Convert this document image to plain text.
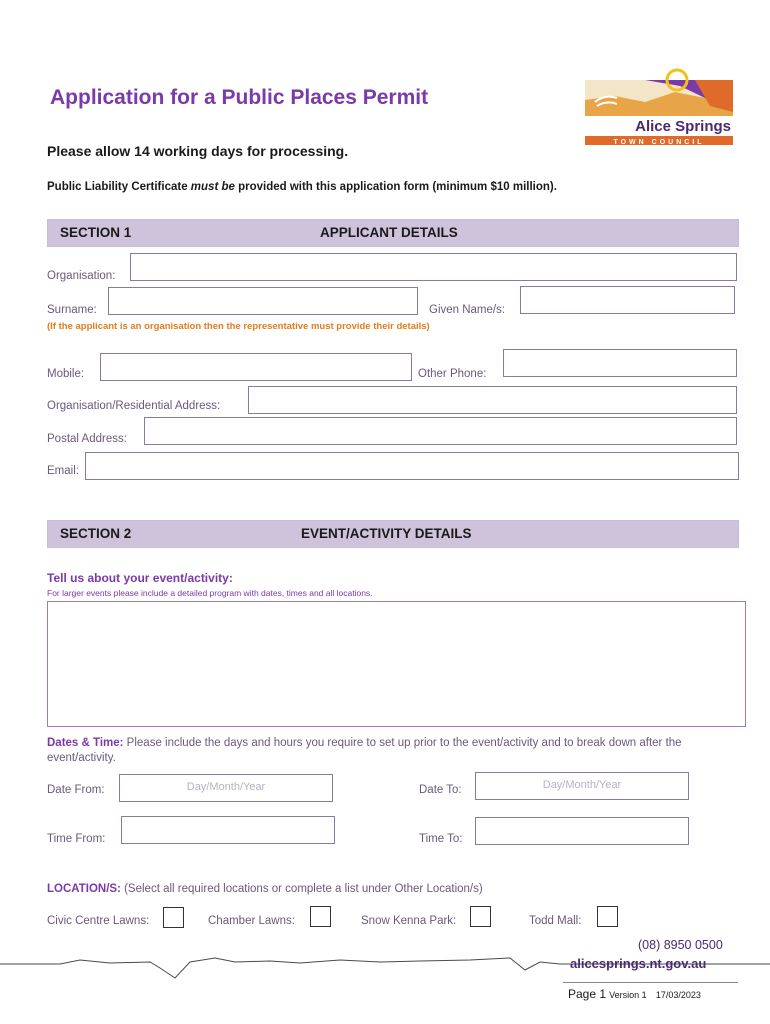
Application for a Public Places Permit
Please allow 14 working days for processing.
Public Liability Certificate must be provided with this application form (minimum $10 million).
Alice Springs
TOWN COUNCIL
SECTION 1	APPLICANT DETAILS
Organisation:
Surname:	Given Name/s:
(If the applicant is an organisation then the representative must provide their details)
Mobile:	Other Phone:
Organisation/Residential Address:
Postal Address:
Email:
SECTION 2	EVENT/ACTIVITY DETAILS
Tell us about your event/activity:
For larger events please include a detailed program with dates, times and all locations.
Dates & Time: Please include the days and hours you require to set up prior to the event/activity and to break down after the event/activity.
Date From:	Day/Month/Year	Date To:	Day/Month/Year
Time From:	Time To:
LOCATION/S: (Select all required locations or complete a list under Other Location/s)
Civic Centre Lawns:	Chamber Lawns:	Snow Kenna Park:	Todd Mall:
(08) 8950 0500
alicesprings.nt.gov.au
Page 1 Version 1 17/03/2023
